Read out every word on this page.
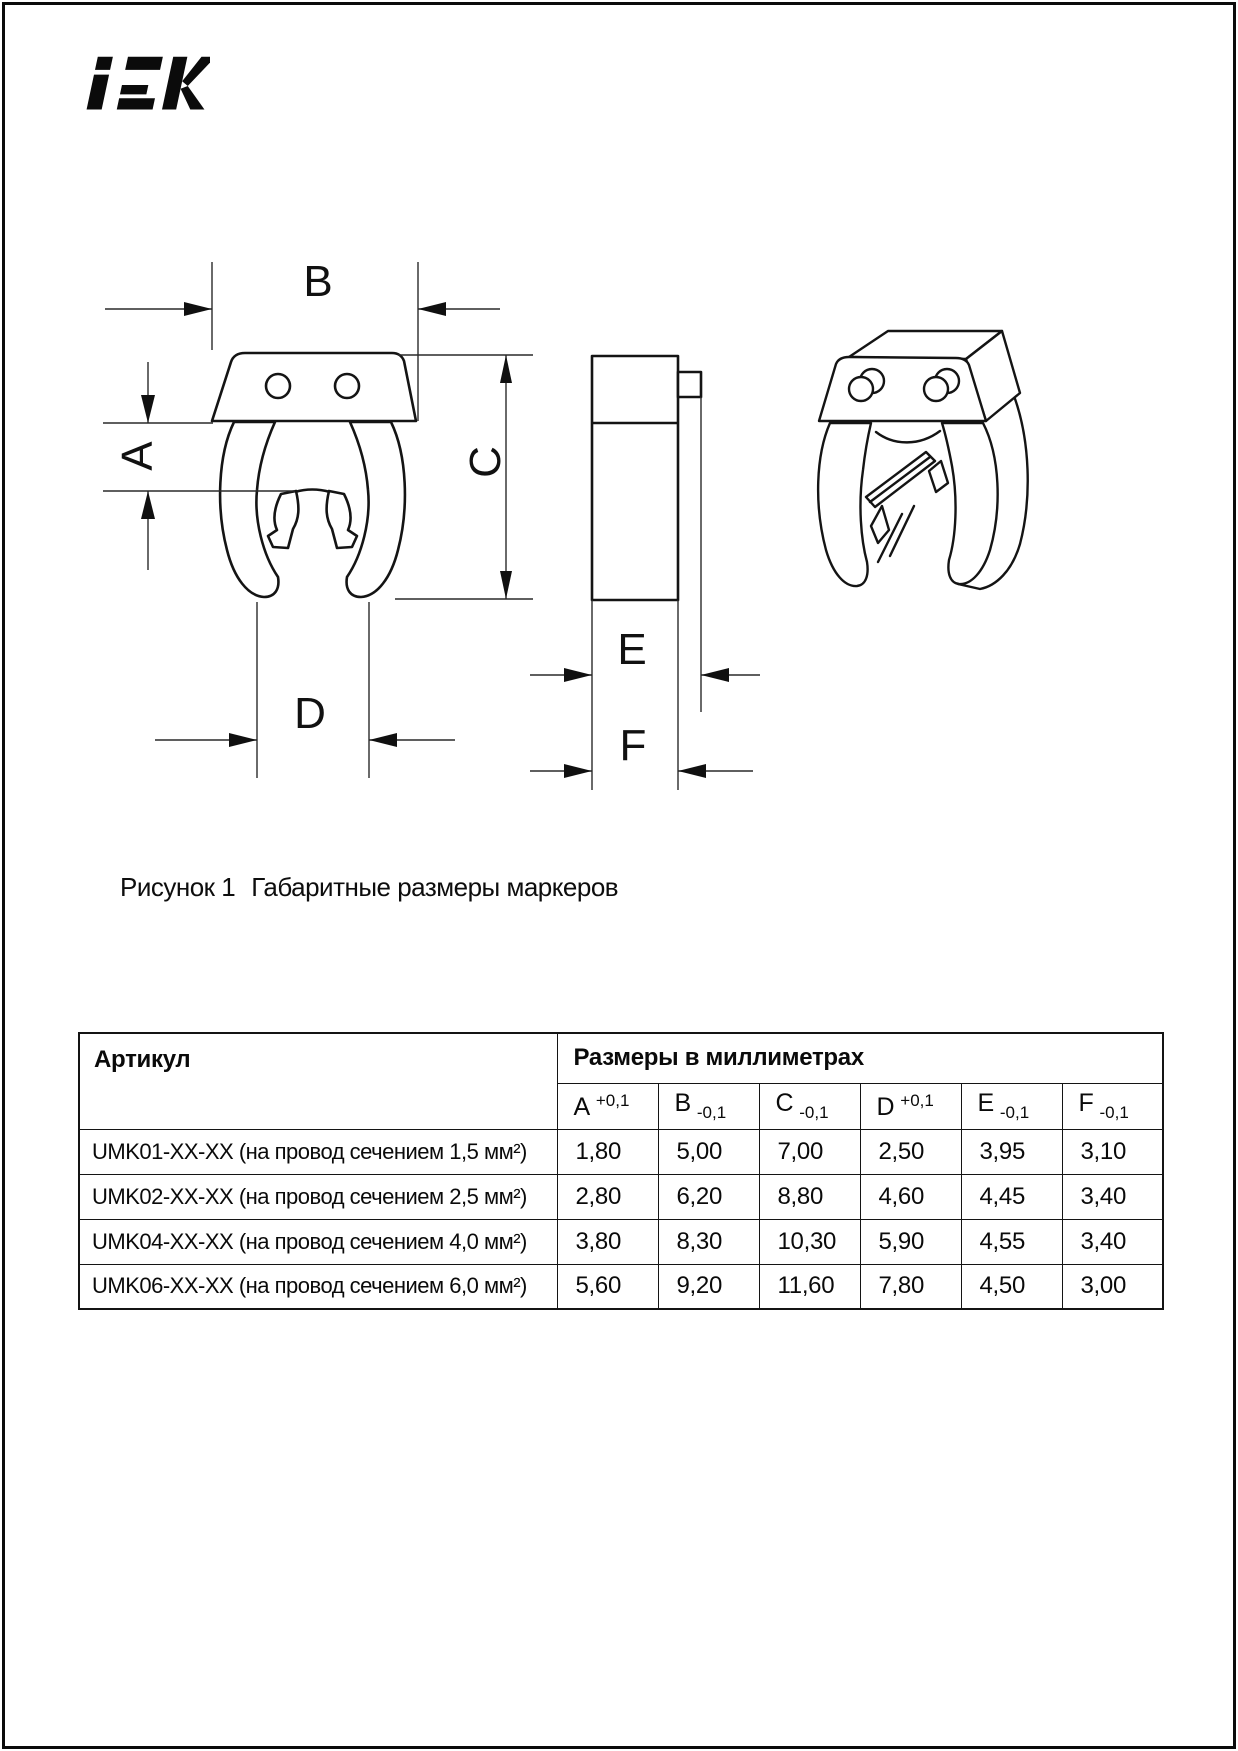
B
A	C
D
E
F
Рисунок 1 Габаритные размеры маркеров
Артикул	Размеры в миллиметрах					
	A $^{+0,1}$	B $_{-0,1}$	C $_{-0,1}$	D $^{+0,1}$	E $_{-0,1}$	F $_{-0,1}$
UMK01-XX-XX (на провод сечением 1,5 мм²)	1,80	5,00	7,00	2,50	3,95	3,10
UMK02-XX-XX (на провод сечением 2,5 мм²)	2,80	6,20	8,80	4,60	4,45	3,40
UMK04-XX-XX (на провод сечением 4,0 мм²)	3,80	8,30	10,30	5,90	4,55	3,40
UMK06-XX-XX (на провод сечением 6,0 мм²)	5,60	9,20	11,60	7,80	4,50	3,00
